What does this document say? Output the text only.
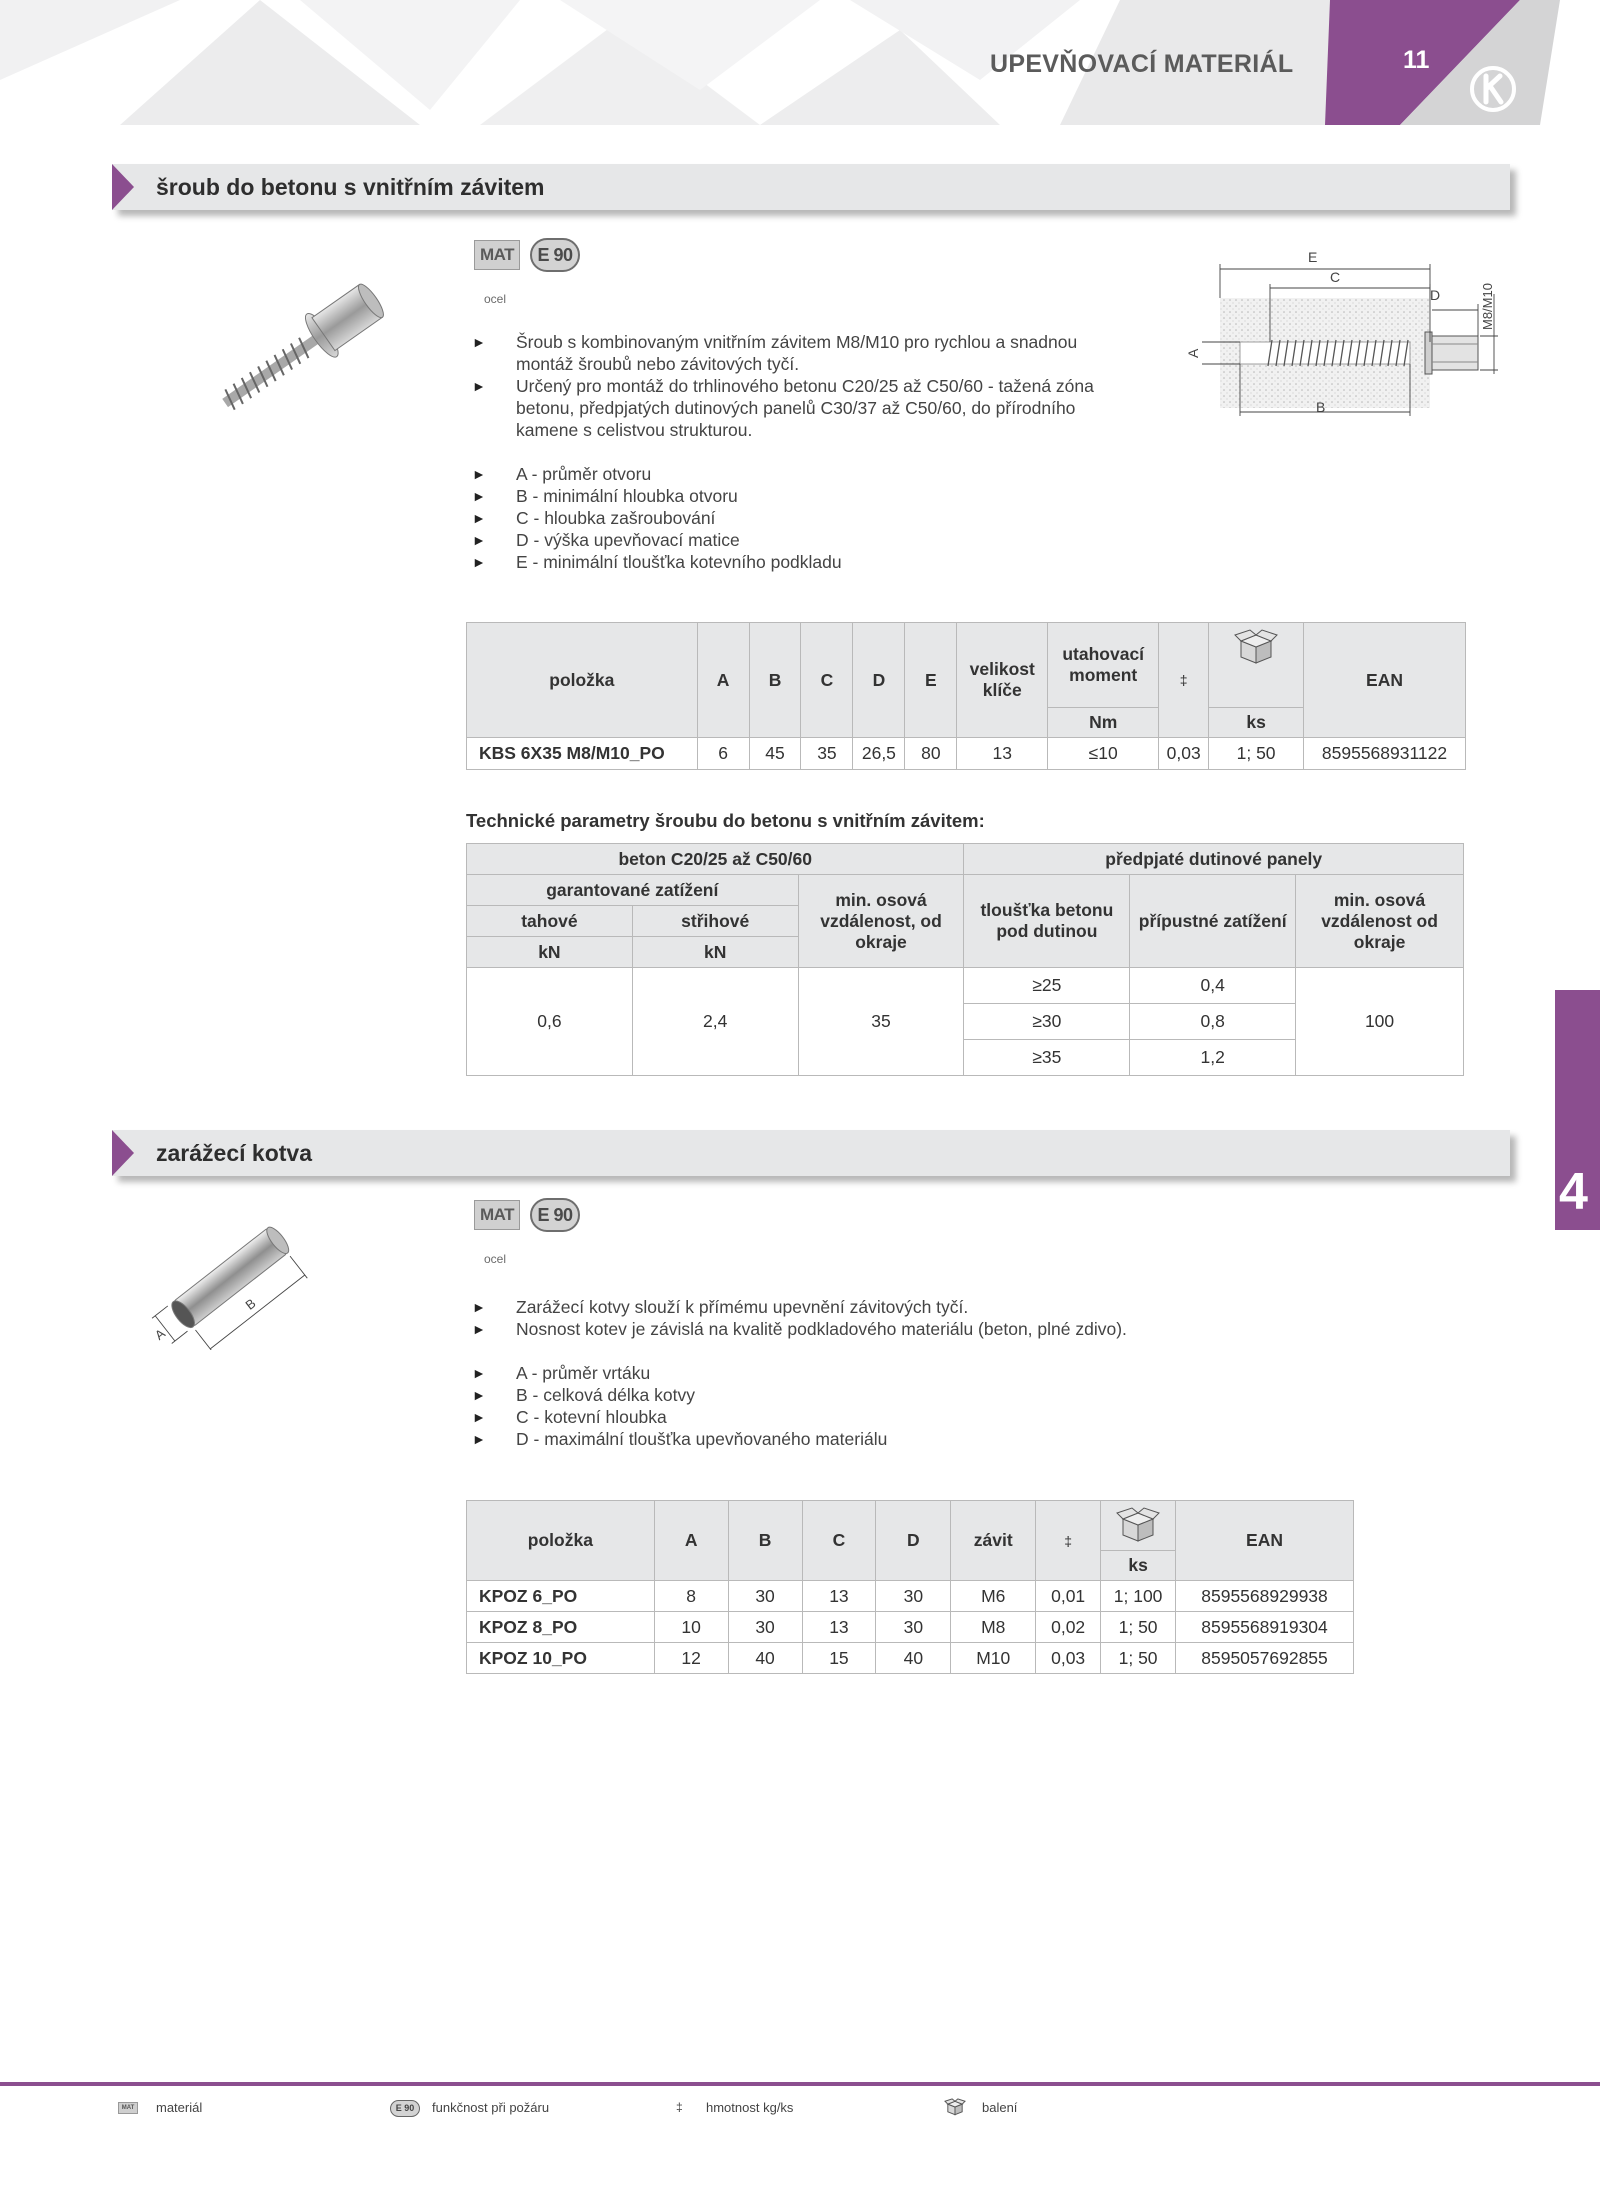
UPEVŇOVACÍ MATERIÁL	11
4
šroub do betonu s vnitřním závitem
MAT	E 90
ocel
► Šroub s kombinovaným vnitřním závitem M8/M10 pro rychlou a snadnou
montáž šroubů nebo závitových tyčí.
► Určený pro montáž do trhlinového betonu C20/25 až C50/60 - tažená zóna
betonu, předpjatých dutinových panelů C30/37 až C50/60, do přírodního
kamene s celistvou strukturou.
► A - průměr otvoru
► B - minimální hloubka otvoru
► C - hloubka zašroubování
► D - výška upevňovací matice
► E - minimální tloušťka kotevního podkladu
E
C
D
B
A
M8/M10
položka	A	B	C	D	E	velikost klíče	utahovací moment	‡		EAN
							Nm		ks	
KBS 6X35 M8/M10_PO	6	45	35	26,5	80	13	≤10	0,03	1; 50	8595568931122
Technické parametry šroubu do betonu s vnitřním závitem:
beton C20/25 až C50/60			předpjaté dutinové panely		
garantované zatížení		min. osová vzdálenost, od okraje	tloušťka betonu pod dutinou	přípustné zatížení	min. osová vzdálenost od okraje
tahové	střihové				
kN	kN				
0,6	2,4	35	≥25	0,4	100
			≥30	0,8	
			≥35	1,2	
zarážecí kotva
B
A
MAT	E 90
ocel
► Zarážecí kotvy slouží k přímému upevnění závitových tyčí.
► Nosnost kotev je závislá na kvalitě podkladového materiálu (beton, plné zdivo).
► A - průměr vrtáku
► B - celková délka kotvy
► C - kotevní hloubka
► D - maximální tloušťka upevňovaného materiálu
položka	A	B	C	D	závit	‡		EAN
							ks	
KPOZ 6_PO	8	30	13	30	M6	0,01	1; 100	8595568929938
KPOZ 8_PO	10	30	13	30	M8	0,02	1; 50	8595568919304
KPOZ 10_PO	12	40	15	40	M10	0,03	1; 50	8595057692855
MAT materiál	E 90	funkčnost při požáru	‡ hmotnost kg/ks	balení
